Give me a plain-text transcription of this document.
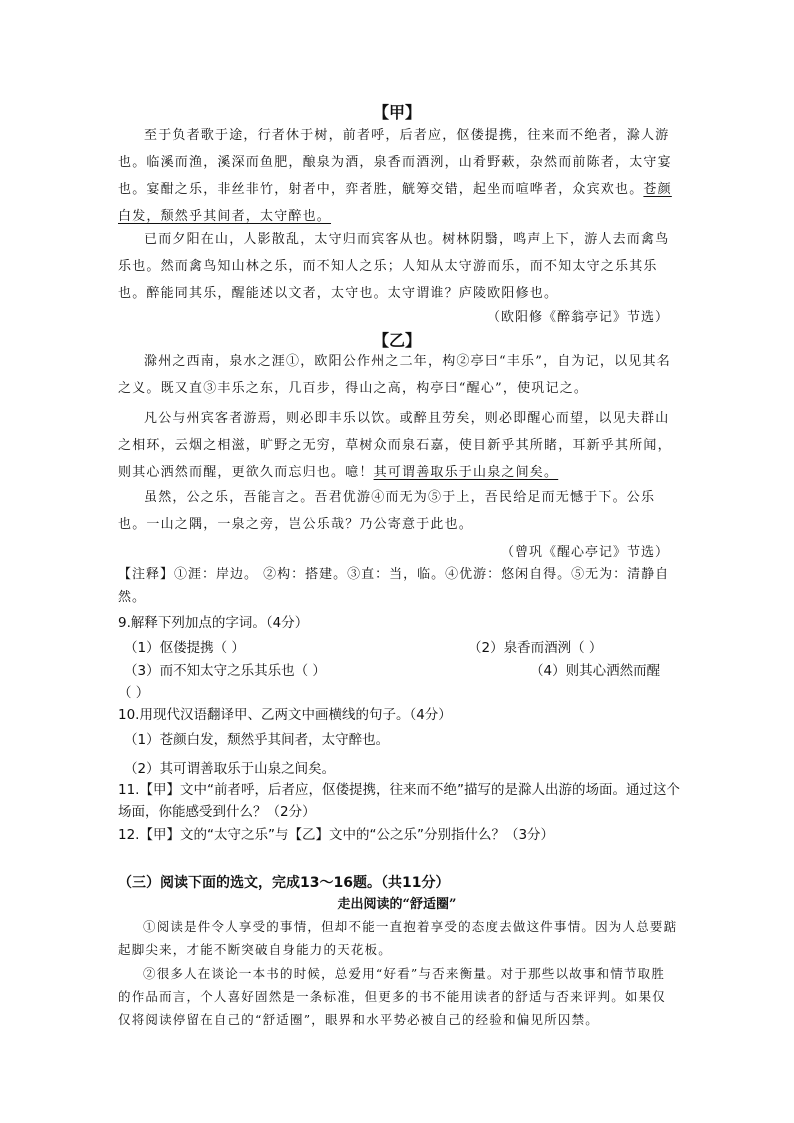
【甲】
至于负者歌于途，行者休于树，前者呼，后者应，伛偻提携，往来而不绝者，滁人游也。临溪而渔，溪深而鱼肥，酿泉为酒，泉香而酒洌，山肴野蔌，杂然而前陈者，太守宴也。宴酣之乐，非丝非竹，射者中，弈者胜，觥筹交错，起坐而喧哗者，众宾欢也。苍颜白发，颓然乎其间者，太守醉也。
已而夕阳在山，人影散乱，太守归而宾客从也。树林阴翳，鸣声上下，游人去而禽鸟乐也。然而禽鸟知山林之乐，而不知人之乐；人知从太守游而乐，而不知太守之乐其乐也。醉能同其乐，醒能述以文者，太守也。太守谓谁？庐陵欧阳修也。
（欧阳修《醉翁亭记》节选）
【乙】
滁州之西南，泉水之涯①，欧阳公作州之二年，构②亭曰“丰乐”，自为记，以见其名之义。既又直③丰乐之东，几百步，得山之高，构亭曰“醒心”，使巩记之。
凡公与州宾客者游焉，则必即丰乐以饮。或醉且劳矣，则必即醒心而望，以见夫群山之相环，云烟之相滋，旷野之无穷，草树众而泉石嘉，使目新乎其所睹，耳新乎其所闻，则其心洒然而醒，更欲久而忘归也。噫！其可谓善取乐于山泉之间矣。
虽然，公之乐，吾能言之。吾君优游④而无为⑤于上，吾民给足而无憾于下。公乐也。一山之隅，一泉之旁，岂公乐哉？乃公寄意于此也。
（曾巩《醒心亭记》节选）
【注释】①涯：岸边。 ②构：搭建。③直：当，临。④优游：悠闲自得。⑤无为：清静自然。
9.解释下列加点的字词。（4分）
（1）伛偻提携（ ）	（2）泉香而酒洌（ ）
（3）而不知太守之乐其乐也（ ）	（4）则其心洒然而醒
（ ）
10.用现代汉语翻译甲、乙两文中画横线的句子。（4分）
（1）苍颜白发，颓然乎其间者，太守醉也。
（2）其可谓善取乐于山泉之间矣。
11.【甲】文中“前者呼，后者应，伛偻提携，往来而不绝”描写的是滁人出游的场面。通过这个场面，你能感受到什么？（2分）
12.【甲】文的“太守之乐”与【乙】文中的“公之乐”分别指什么？（3分）
（三）阅读下面的选文，完成13～16题。（共11分）
走出阅读的“舒适圈”
①阅读是件令人享受的事情，但却不能一直抱着享受的态度去做这件事情。因为人总要踮起脚尖来，才能不断突破自身能力的天花板。
②很多人在谈论一本书的时候，总爱用“好看”与否来衡量。对于那些以故事和情节取胜的作品而言，个人喜好固然是一条标准，但更多的书不能用读者的舒适与否来评判。如果仅仅将阅读停留在自己的“舒适圈”，眼界和水平势必被自己的经验和偏见所囚禁。
